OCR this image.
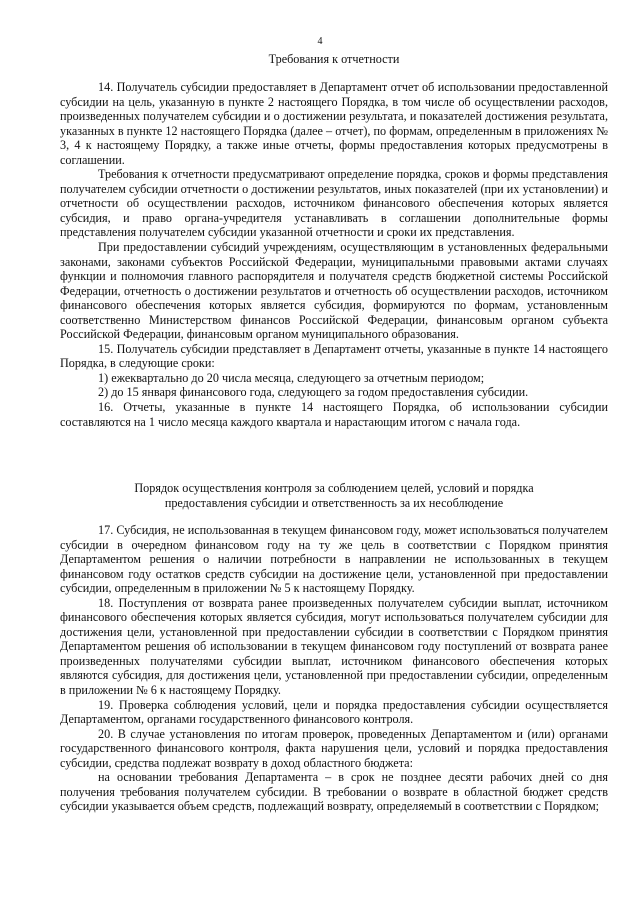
4
Требования к отчетности

14. Получатель субсидии предоставляет в Департамент отчет об использовании предоставленной субсидии на цель, указанную в пункте 2 настоящего Порядка, в том числе об осуществлении расходов, произведенных получателем субсидии и о достижении результата, и показателей достижения результата, указанных в пункте 12 настоящего Порядка (далее – отчет), по формам, определенным в приложениях № 3, 4 к настоящему Порядку, а также иные отчеты, формы предоставления которых предусмотрены в соглашении.

Требования к отчетности предусматривают определение порядка, сроков и формы представления получателем субсидии отчетности о достижении результатов, иных показателей (при их установлении) и отчетности об осуществлении расходов, источником финансового обеспечения которых является субсидия, и право органа-учредителя устанавливать в соглашении дополнительные формы представления получателем субсидии указанной отчетности и сроки их представления.

При предоставлении субсидий учреждениям, осуществляющим в установленных федеральными законами, законами субъектов Российской Федерации, муниципальными правовыми актами случаях функции и полномочия главного распорядителя и получателя средств бюджетной системы Российской Федерации, отчетность о достижении результатов и отчетность об осуществлении расходов, источником финансового обеспечения которых является субсидия, формируются по формам, установленным соответственно Министерством финансов Российской Федерации, финансовым органом субъекта Российской Федерации, финансовым органом муниципального образования.

15. Получатель субсидии представляет в Департамент отчеты, указанные в пункте 14 настоящего Порядка, в следующие сроки:

1) ежеквартально до 20 числа месяца, следующего за отчетным периодом;

2) до 15 января финансового года, следующего за годом предоставления субсидии.

16. Отчеты, указанные в пункте 14 настоящего Порядка, об использовании субсидии составляются на 1 число месяца каждого квартала и нарастающим итогом с начала года.

Порядок осуществления контроля за соблюдением целей, условий и порядка
предоставления субсидии и ответственность за их несоблюдение

17. Субсидия, не использованная в текущем финансовом году, может использоваться получателем субсидии в очередном финансовом году на ту же цель в соответствии с Порядком принятия Департаментом решения о наличии потребности в направлении не использованных в текущем финансовом году остатков средств субсидии на достижение цели, установленной при предоставлении субсидии, определенным в приложении № 5 к настоящему Порядку.

18. Поступления от возврата ранее произведенных получателем субсидии выплат, источником финансового обеспечения которых является субсидия, могут использоваться получателем субсидии для достижения цели, установленной при предоставлении субсидии в соответствии с Порядком принятия Департаментом решения об использовании в текущем финансовом году поступлений от возврата ранее произведенных получателями субсидии выплат, источником финансового обеспечения которых являются субсидия, для достижения цели, установленной при предоставлении субсидии, определенным в приложении № 6 к настоящему Порядку.

19. Проверка соблюдения условий, цели и порядка предоставления субсидии осуществляется Департаментом, органами государственного финансового контроля.

20. В случае установления по итогам проверок, проведенных Департаментом и (или) органами государственного финансового контроля, факта нарушения цели, условий и порядка предоставления субсидии, средства подлежат возврату в доход областного бюджета:

на основании требования Департамента – в срок не позднее десяти рабочих дней со дня получения требования получателем субсидии. В требовании о возврате в областной бюджет средств субсидии указывается объем средств, подлежащий возврату, определяемый в соответствии с Порядком;
